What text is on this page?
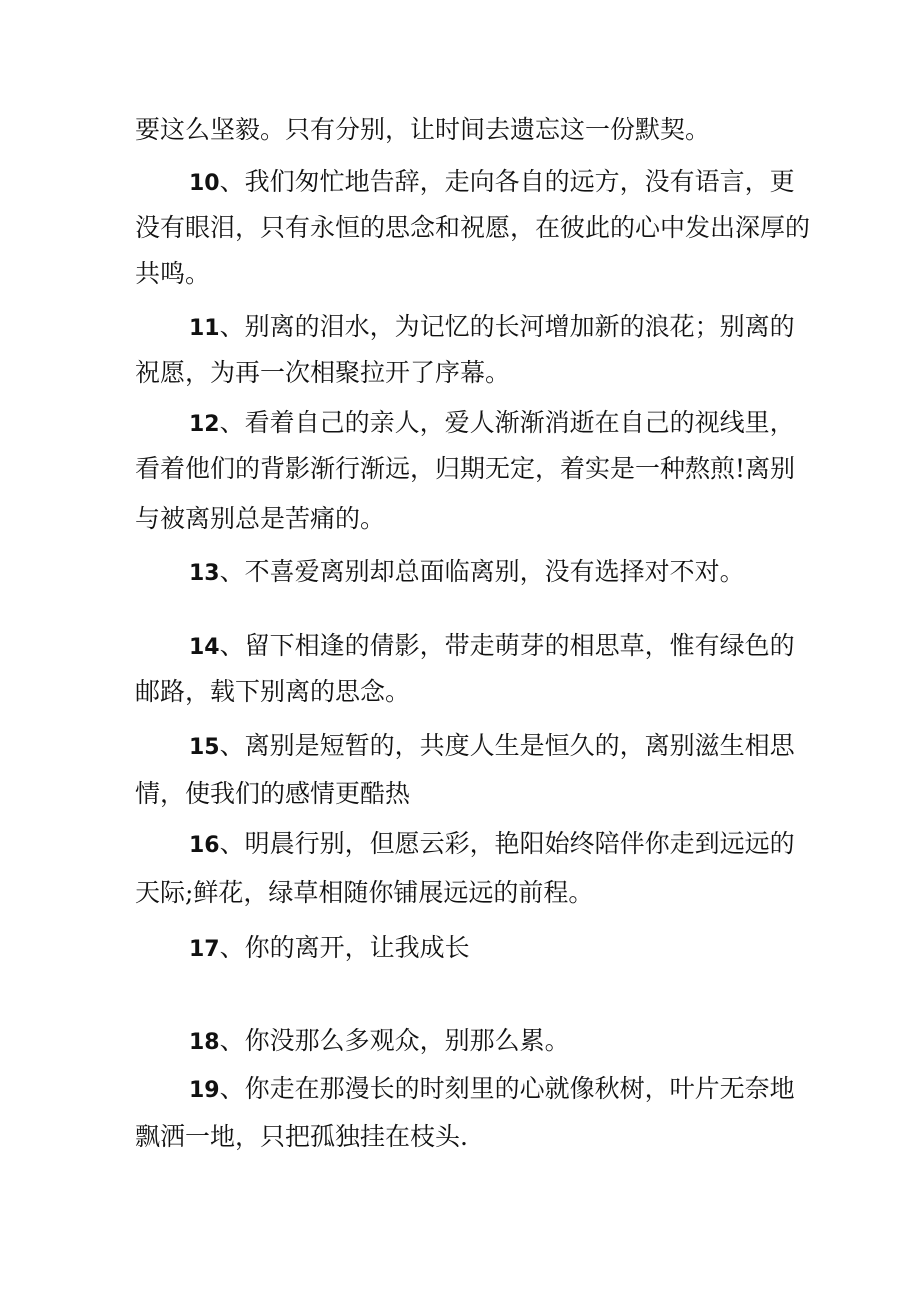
要这么坚毅。只有分别，让时间去遗忘这一份默契。
10、我们匆忙地告辞，走向各自的远方，没有语言，更
没有眼泪，只有永恒的思念和祝愿，在彼此的心中发出深厚的
共鸣。
11、别离的泪水，为记忆的长河增加新的浪花；别离的
祝愿，为再一次相聚拉开了序幕。
12、看着自己的亲人，爱人渐渐消逝在自己的视线里，
看着他们的背影渐行渐远，归期无定，着实是一种熬煎!离别
与被离别总是苦痛的。
13、不喜爱离别却总面临离别，没有选择对不对。
14、留下相逢的倩影，带走萌芽的相思草，惟有绿色的
邮路，载下别离的思念。
15、离别是短暂的，共度人生是恒久的，离别滋生相思
情，使我们的感情更酷热
16、明晨行别，但愿云彩，艳阳始终陪伴你走到远远的
天际;鲜花，绿草相随你铺展远远的前程。
17、你的离开，让我成长
18、你没那么多观众，别那么累。
19、你走在那漫长的时刻里的心就像秋树，叶片无奈地
飘洒一地，只把孤独挂在枝头.
